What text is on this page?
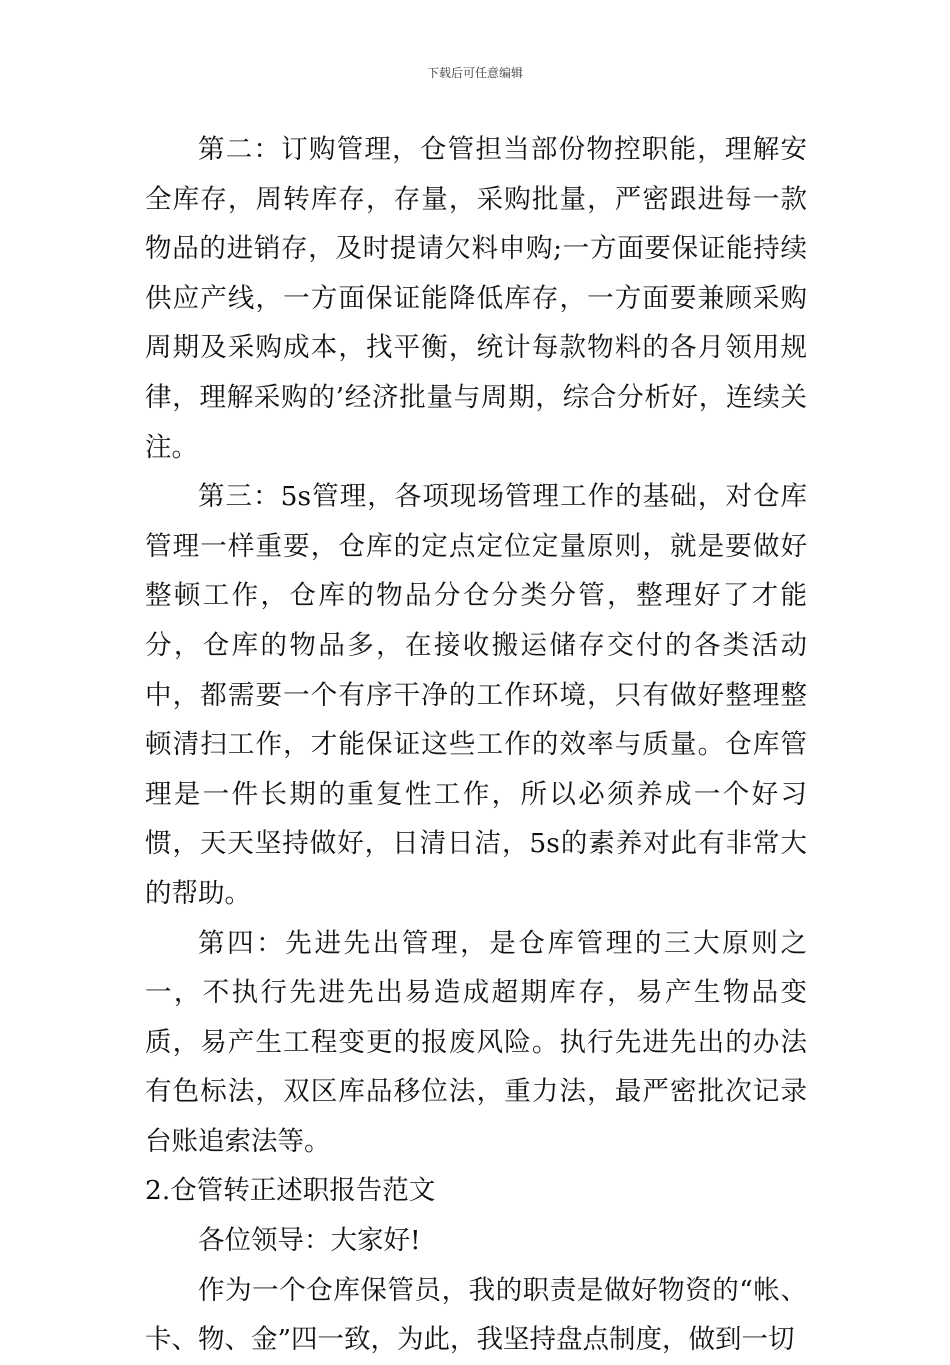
下载后可任意编辑

第二：订购管理，仓管担当部份物控职能，理解安全库存，周转库存，存量，采购批量，严密跟进每一款物品的进销存，及时提请欠料申购;一方面要保证能持续供应产线，一方面保证能降低库存，一方面要兼顾采购周期及采购成本，找平衡，统计每款物料的各月领用规律，理解采购的’经济批量与周期，综合分析好，连续关注。

第三：5s管理，各项现场管理工作的基础，对仓库管理一样重要，仓库的定点定位定量原则，就是要做好整顿工作，仓库的物品分仓分类分管，整理好了才能分，仓库的物品多，在接收搬运储存交付的各类活动中，都需要一个有序干净的工作环境，只有做好整理整顿清扫工作，才能保证这些工作的效率与质量。仓库管理是一件长期的重复性工作，所以必须养成一个好习惯，天天坚持做好，日清日洁，5s的素养对此有非常大的帮助。

第四：先进先出管理，是仓库管理的三大原则之一，不执行先进先出易造成超期库存，易产生物品变质，易产生工程变更的报废风险。执行先进先出的办法有色标法，双区库品移位法，重力法，最严密批次记录台账追索法等。

2.仓管转正述职报告范文

各位领导：大家好!

作为一个仓库保管员，我的职责是做好物资的“帐、卡、物、金”四一致，为此，我坚持盘点制度，做到一切
